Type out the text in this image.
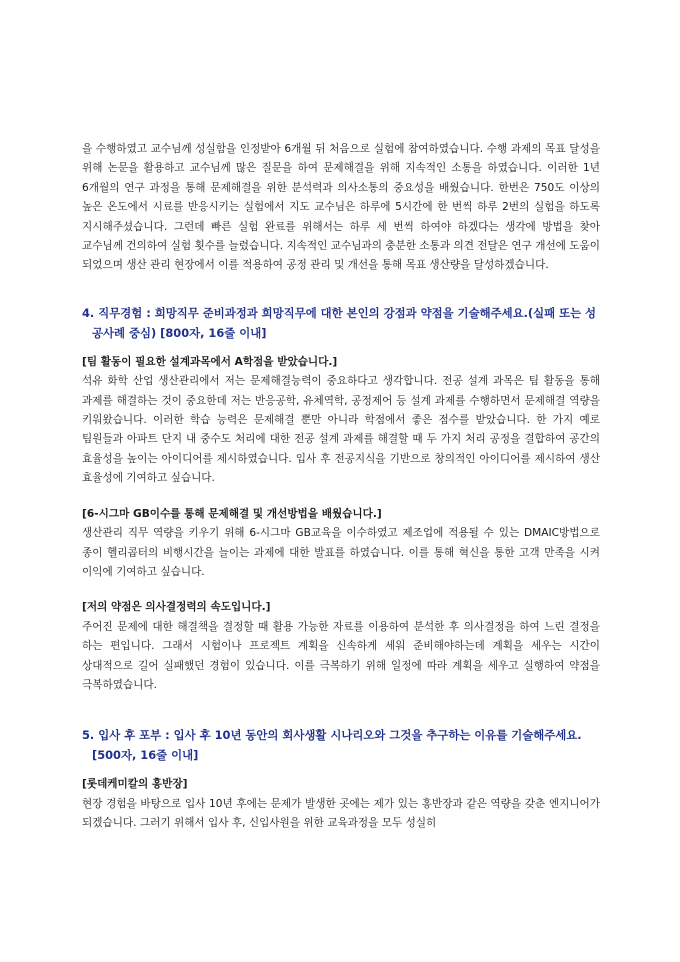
을 수행하였고 교수님께 성실함을 인정받아 6개월 뒤 처음으로 실험에 참여하였습니다. 수행 과제의 목표 달성을 위해 논문을 활용하고 교수님께 많은 질문을 하여 문제해결을 위해 지속적인 소통을 하였습니다. 이러한 1년 6개월의 연구 과정을 통해 문제해결을 위한 분석력과 의사소통의 중요성을 배웠습니다. 한번은 750도 이상의 높은 온도에서 시료를 반응시키는 실험에서 지도 교수님은 하루에 5시간에 한 번씩 하루 2번의 실험을 하도록 지시해주셨습니다. 그런데 빠른 실험 완료를 위해서는 하루 세 번씩 하여야 하겠다는 생각에 방법을 찾아 교수님께 건의하여 실험 횟수를 늘렸습니다. 지속적인 교수님과의 충분한 소통과 의견 전달은 연구 개선에 도움이 되었으며 생산 관리 현장에서 이를 적용하여 공정 관리 및 개선을 통해 목표 생산량을 달성하겠습니다.

4. 직무경험 : 희망직무 준비과정과 희망직무에 대한 본인의 강점과 약점을 기술해주세요.(실패 또는 성공사례 중심) [800자, 16줄 이내]

[팀 활동이 필요한 설계과목에서 A학점을 받았습니다.]

석유 화학 산업 생산관리에서 저는 문제해결능력이 중요하다고 생각합니다. 전공 설계 과목은 팀 활동을 통해 과제를 해결하는 것이 중요한데 저는 반응공학, 유체역학, 공정제어 등 설계 과제를 수행하면서 문제해결 역량을 키워왔습니다. 이러한 학습 능력은 문제해결 뿐만 아니라 학점에서 좋은 점수를 받았습니다. 한 가지 예로 팀원들과 아파트 단지 내 중수도 처리에 대한 전공 설계 과제를 해결할 때 두 가지 처리 공정을 결합하여 공간의 효율성을 높이는 아이디어를 제시하였습니다. 입사 후 전공지식을 기반으로 창의적인 아이디어를 제시하여 생산 효율성에 기여하고 싶습니다.

[6-시그마 GB이수를 통해 문제해결 및 개선방법을 배웠습니다.]

생산관리 직무 역량을 키우기 위해 6-시그마 GB교육을 이수하였고 제조업에 적용될 수 있는 DMAIC방법으로 종이 헬리콥터의 비행시간을 늘이는 과제에 대한 발표를 하였습니다. 이를 통해 혁신을 통한 고객 만족을 시켜 이익에 기여하고 싶습니다.

[저의 약점은 의사결정력의 속도입니다.]

주어진 문제에 대한 해결책을 결정할 때 활용 가능한 자료를 이용하여 분석한 후 의사결정을 하여 느린 결정을 하는 편입니다. 그래서 시험이나 프로젝트 계획을 신속하게 세워 준비해야하는데 계획을 세우는 시간이 상대적으로 길어 실패했던 경험이 있습니다. 이를 극복하기 위해 일정에 따라 계획을 세우고 실행하여 약점을 극복하였습니다.

5. 입사 후 포부 : 입사 후 10년 동안의 회사생활 시나리오와 그것을 추구하는 이유를 기술해주세요.[500자, 16줄 이내]

[롯데케미칼의 홍반장]

현장 경험을 바탕으로 입사 10년 후에는 문제가 발생한 곳에는 제가 있는 홍반장과 같은 역량을 갖춘 엔지니어가 되겠습니다. 그러기 위해서 입사 후, 신입사원을 위한 교육과정을 모두 성실히
